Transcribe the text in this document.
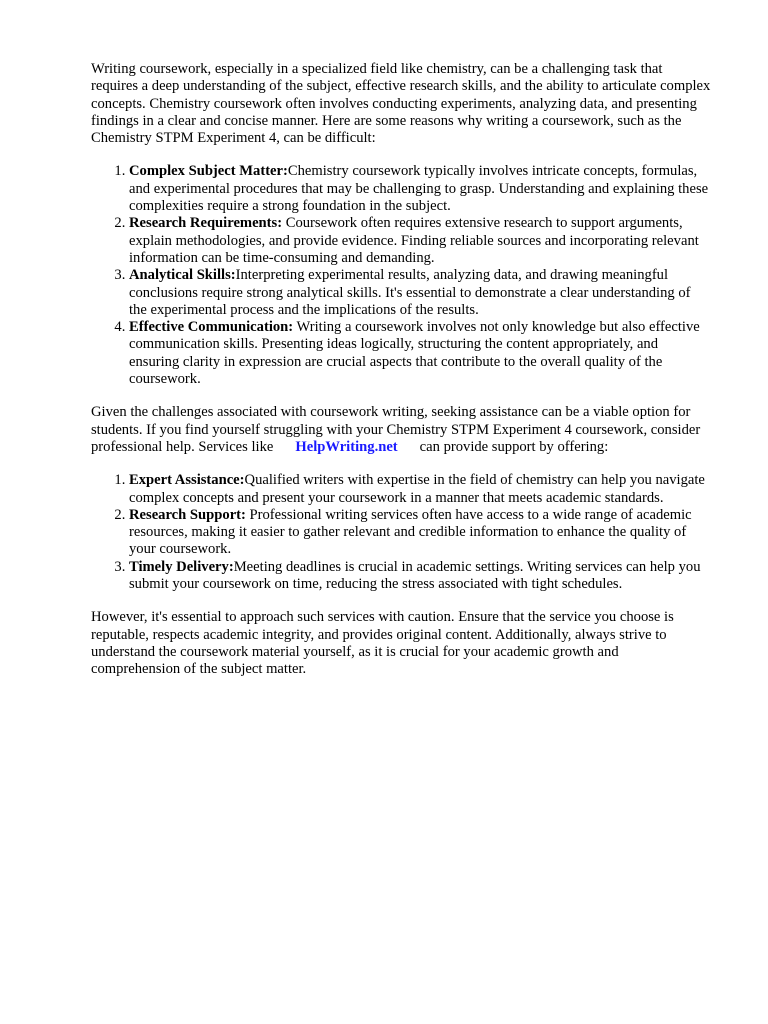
Writing coursework, especially in a specialized field like chemistry, can be a challenging task that requires a deep understanding of the subject, effective research skills, and the ability to articulate complex concepts. Chemistry coursework often involves conducting experiments, analyzing data, and presenting findings in a clear and concise manner. Here are some reasons why writing a coursework, such as the Chemistry STPM Experiment 4, can be difficult:

1. Complex Subject Matter:Chemistry coursework typically involves intricate concepts, formulas, and experimental procedures that may be challenging to grasp. Understanding and explaining these complexities require a strong foundation in the subject.
2. Research Requirements: Coursework often requires extensive research to support arguments, explain methodologies, and provide evidence. Finding reliable sources and incorporating relevant information can be time-consuming and demanding.
3. Analytical Skills:Interpreting experimental results, analyzing data, and drawing meaningful conclusions require strong analytical skills. It's essential to demonstrate a clear understanding of the experimental process and the implications of the results.
4. Effective Communication: Writing a coursework involves not only knowledge but also effective communication skills. Presenting ideas logically, structuring the content appropriately, and ensuring clarity in expression are crucial aspects that contribute to the overall quality of the coursework.

Given the challenges associated with coursework writing, seeking assistance can be a viable option for students. If you find yourself struggling with your Chemistry STPM Experiment 4 coursework, consider professional help. Services like HelpWriting.net can provide support by offering:

1. Expert Assistance:Qualified writers with expertise in the field of chemistry can help you navigate complex concepts and present your coursework in a manner that meets academic standards.
2. Research Support: Professional writing services often have access to a wide range of academic resources, making it easier to gather relevant and credible information to enhance the quality of your coursework.
3. Timely Delivery:Meeting deadlines is crucial in academic settings. Writing services can help you submit your coursework on time, reducing the stress associated with tight schedules.

However, it's essential to approach such services with caution. Ensure that the service you choose is reputable, respects academic integrity, and provides original content. Additionally, always strive to understand the coursework material yourself, as it is crucial for your academic growth and comprehension of the subject matter.
